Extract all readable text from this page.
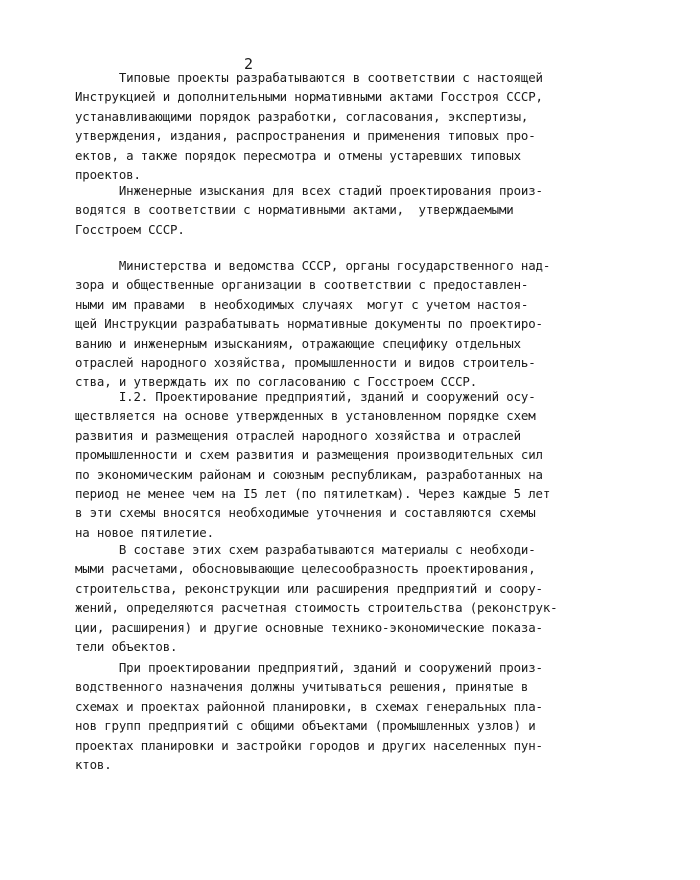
2
Типовые проекты разрабатываются в соответствии с настоящей
Инструкцией и дополнительными нормативными актами Госстроя СССР,
устанавливающими порядок разработки, согласования, экспертизы,
утверждения, издания, распространения и применения типовых про-
ектов, а также порядок пересмотра и отмены устаревших типовых
проектов.
Инженерные изыскания для всех стадий проектирования произ-
водятся в соответствии с нормативными актами,  утверждаемыми
Госстроем СССР.
Министерства и ведомства СССР, органы государственного над-
зора и общественные организации в соответствии с предоставлен-
ными им правами  в необходимых случаях  могут с учетом настоя-
щей Инструкции разрабатывать нормативные документы по проектиро-
ванию и инженерным изысканиям, отражающие специфику отдельных
отраслей народного хозяйства, промышленности и видов строитель-
ства, и утверждать их по согласованию с Госстроем СССР.
I.2. Проектирование предприятий, зданий и сооружений осу-
ществляется на основе утвержденных в установленном порядке схем
развития и размещения отраслей народного хозяйства и отраслей
промышленности и схем развития и размещения производительных сил
по экономическим районам и союзным республикам, разработанных на
период не менее чем на I5 лет (по пятилеткам). Через каждые 5 лет
в эти схемы вносятся необходимые уточнения и составляются схемы
на новое пятилетие.
В составе этих схем разрабатываются материалы с необходи-
мыми расчетами, обосновывающие целесообразность проектирования,
строительства, реконструкции или расширения предприятий и соору-
жений, определяются расчетная стоимость строительства (реконструк-
ции, расширения) и другие основные технико-экономические показа-
тели объектов.
При проектировании предприятий, зданий и сооружений произ-
водственного назначения должны учитываться решения, принятые в
схемах и проектах районной планировки, в схемах генеральных пла-
нов групп предприятий с общими объектами (промышленных узлов) и
проектах планировки и застройки городов и других населенных пун-
ктов.
